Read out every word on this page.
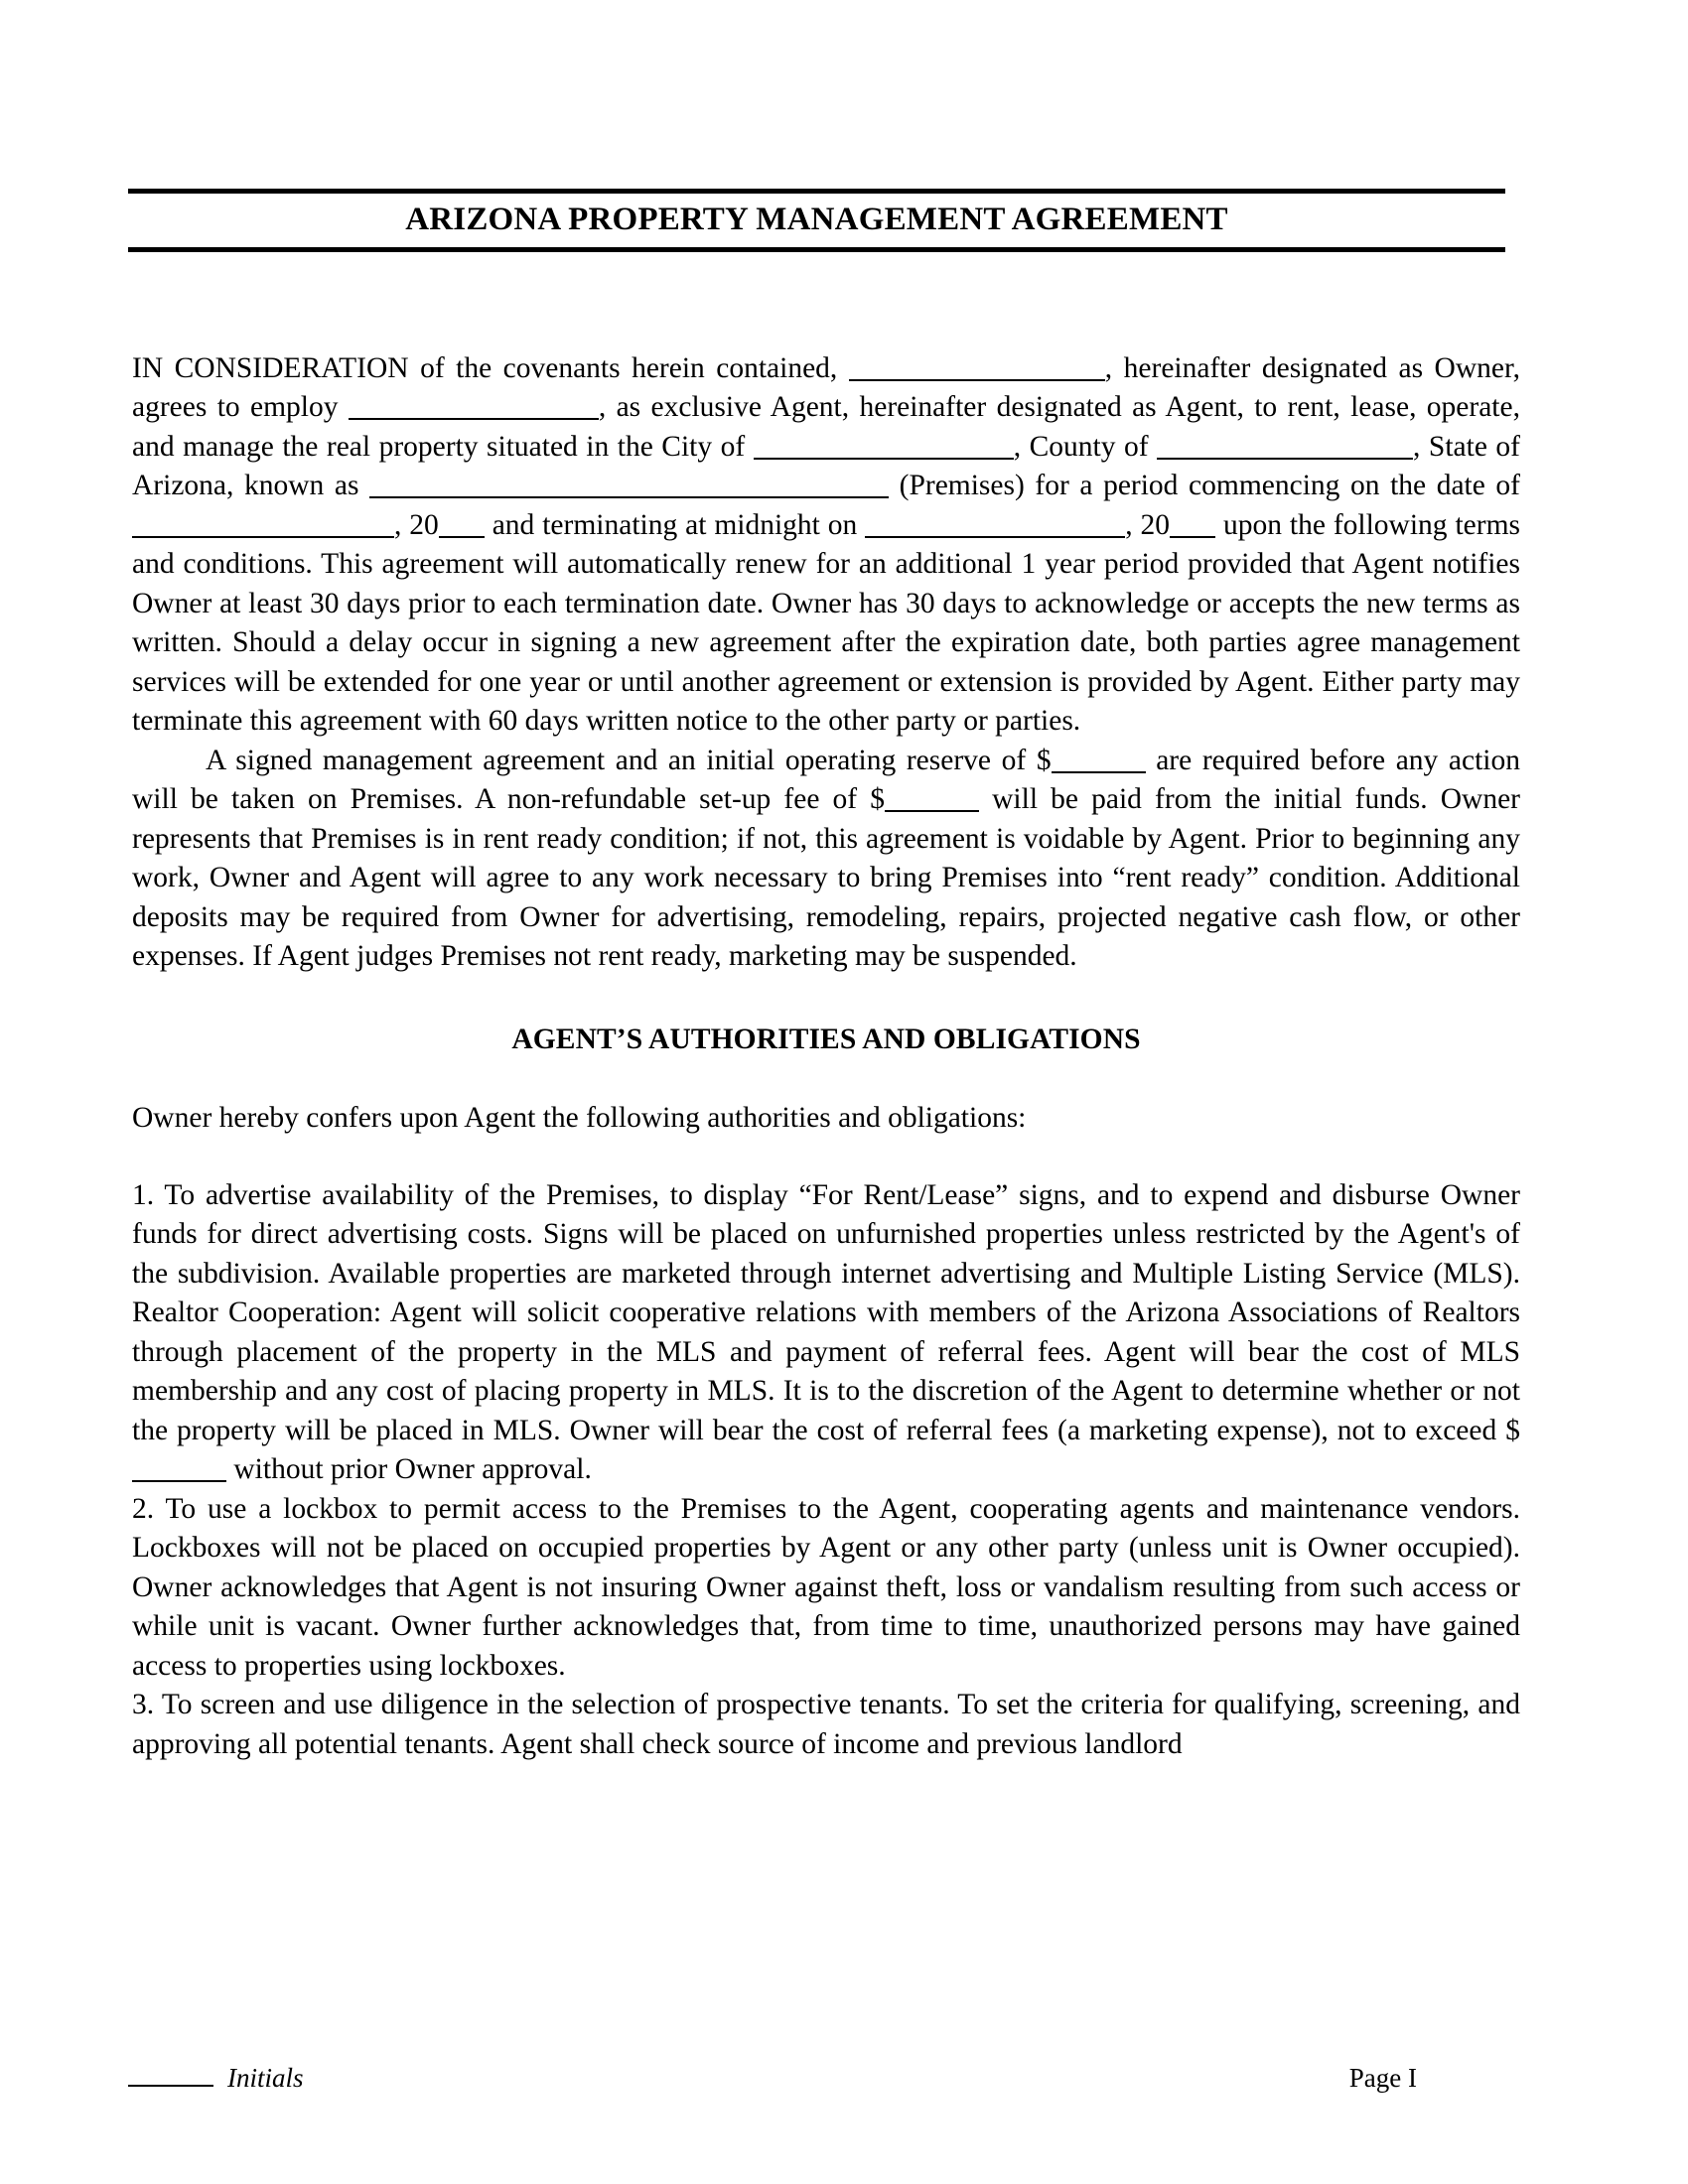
ARIZONA PROPERTY MANAGEMENT AGREEMENT

IN CONSIDERATION of the covenants herein contained,	, hereinafter designated as Owner, agrees to employ	, as exclusive Agent, hereinafter designated as Agent, to rent, lease, operate, and manage the real property situated in the City of	, County of	, State of Arizona, known as	(Premises) for a period commencing on the date of , 20 and terminating at midnight on	, 20 upon the following terms and conditions. This agreement will automatically renew for an additional 1 year period provided that Agent notifies Owner at least 30 days prior to each termination date. Owner has 30 days to acknowledge or accepts the new terms as written. Should a delay occur in signing a new agreement after the expiration date, both parties agree management services will be extended for one year or until another agreement or extension is provided by Agent. Either party may terminate this agreement with 60 days written notice to the other party or parties.

A signed management agreement and an initial operating reserve of $	are required before any action will be taken on Premises. A non-refundable set-up fee of $	will be paid from the initial funds. Owner represents that Premises is in rent ready condition; if not, this agreement is voidable by Agent. Prior to beginning any work, Owner and Agent will agree to any work necessary to bring Premises into “rent ready” condition. Additional deposits may be required from Owner for advertising, remodeling, repairs, projected negative cash flow, or other expenses. If Agent judges Premises not rent ready, marketing may be suspended.

AGENT’S AUTHORITIES AND OBLIGATIONS

Owner hereby confers upon Agent the following authorities and obligations:

1. To advertise availability of the Premises, to display “For Rent/Lease” signs, and to expend and disburse Owner funds for direct advertising costs. Signs will be placed on unfurnished properties unless restricted by the Agent's of the subdivision. Available properties are marketed through internet advertising and Multiple Listing Service (MLS). Realtor Cooperation: Agent will solicit cooperative relations with members of the Arizona Associations of Realtors through placement of the property in the MLS and payment of referral fees. Agent will bear the cost of MLS membership and any cost of placing property in MLS. It is to the discretion of the Agent to determine whether or not the property will be placed in MLS. Owner will bear the cost of referral fees (a marketing expense), not to exceed $ without prior Owner approval.

2. To use a lockbox to permit access to the Premises to the Agent, cooperating agents and maintenance vendors. Lockboxes will not be placed on occupied properties by Agent or any other party (unless unit is Owner occupied). Owner acknowledges that Agent is not insuring Owner against theft, loss or vandalism resulting from such access or while unit is vacant. Owner further acknowledges that, from time to time, unauthorized persons may have gained access to properties using lockboxes.

3. To screen and use diligence in the selection of prospective tenants. To set the criteria for qualifying, screening, and approving all potential tenants. Agent shall check source of income and previous landlord

Initials	Page I
